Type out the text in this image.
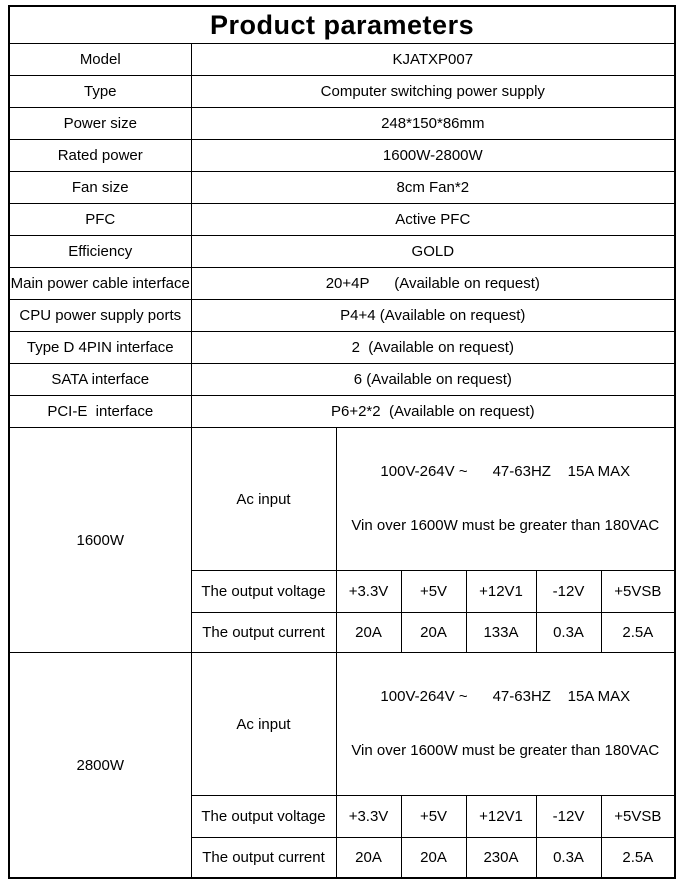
Product parameters						
Model	KJATXP007					
Type	Computer switching power supply					
Power size	248*150*86mm					
Rated power	1600W-2800W					
Fan size	8cm Fan*2					
PFC	Active PFC					
Efficiency	GOLD					
Main power cable interface	20+4P      (Available on request)					
CPU power supply ports	P4+4 (Available on request)					
Type D 4PIN interface	2  (Available on request)					
SATA interface	6 (Available on request)					
PCI-E  interface	P6+2*2  (Available on request)					
1600W	Ac input	100V-264V ~      47-63HZ    15A MAX

Vin over 1600W must be greater than 180VAC				

	The output voltage	+3.3V	+5V	+12V1	-12V	+5VSB
	The output current	20A	20A	133A	0.3A	2.5A
2800W	Ac input	100V-264V ~      47-63HZ    15A MAX

Vin over 1600W must be greater than 180VAC				

	The output voltage	+3.3V	+5V	+12V1	-12V	+5VSB
	The output current	20A	20A	230A	0.3A	2.5A
